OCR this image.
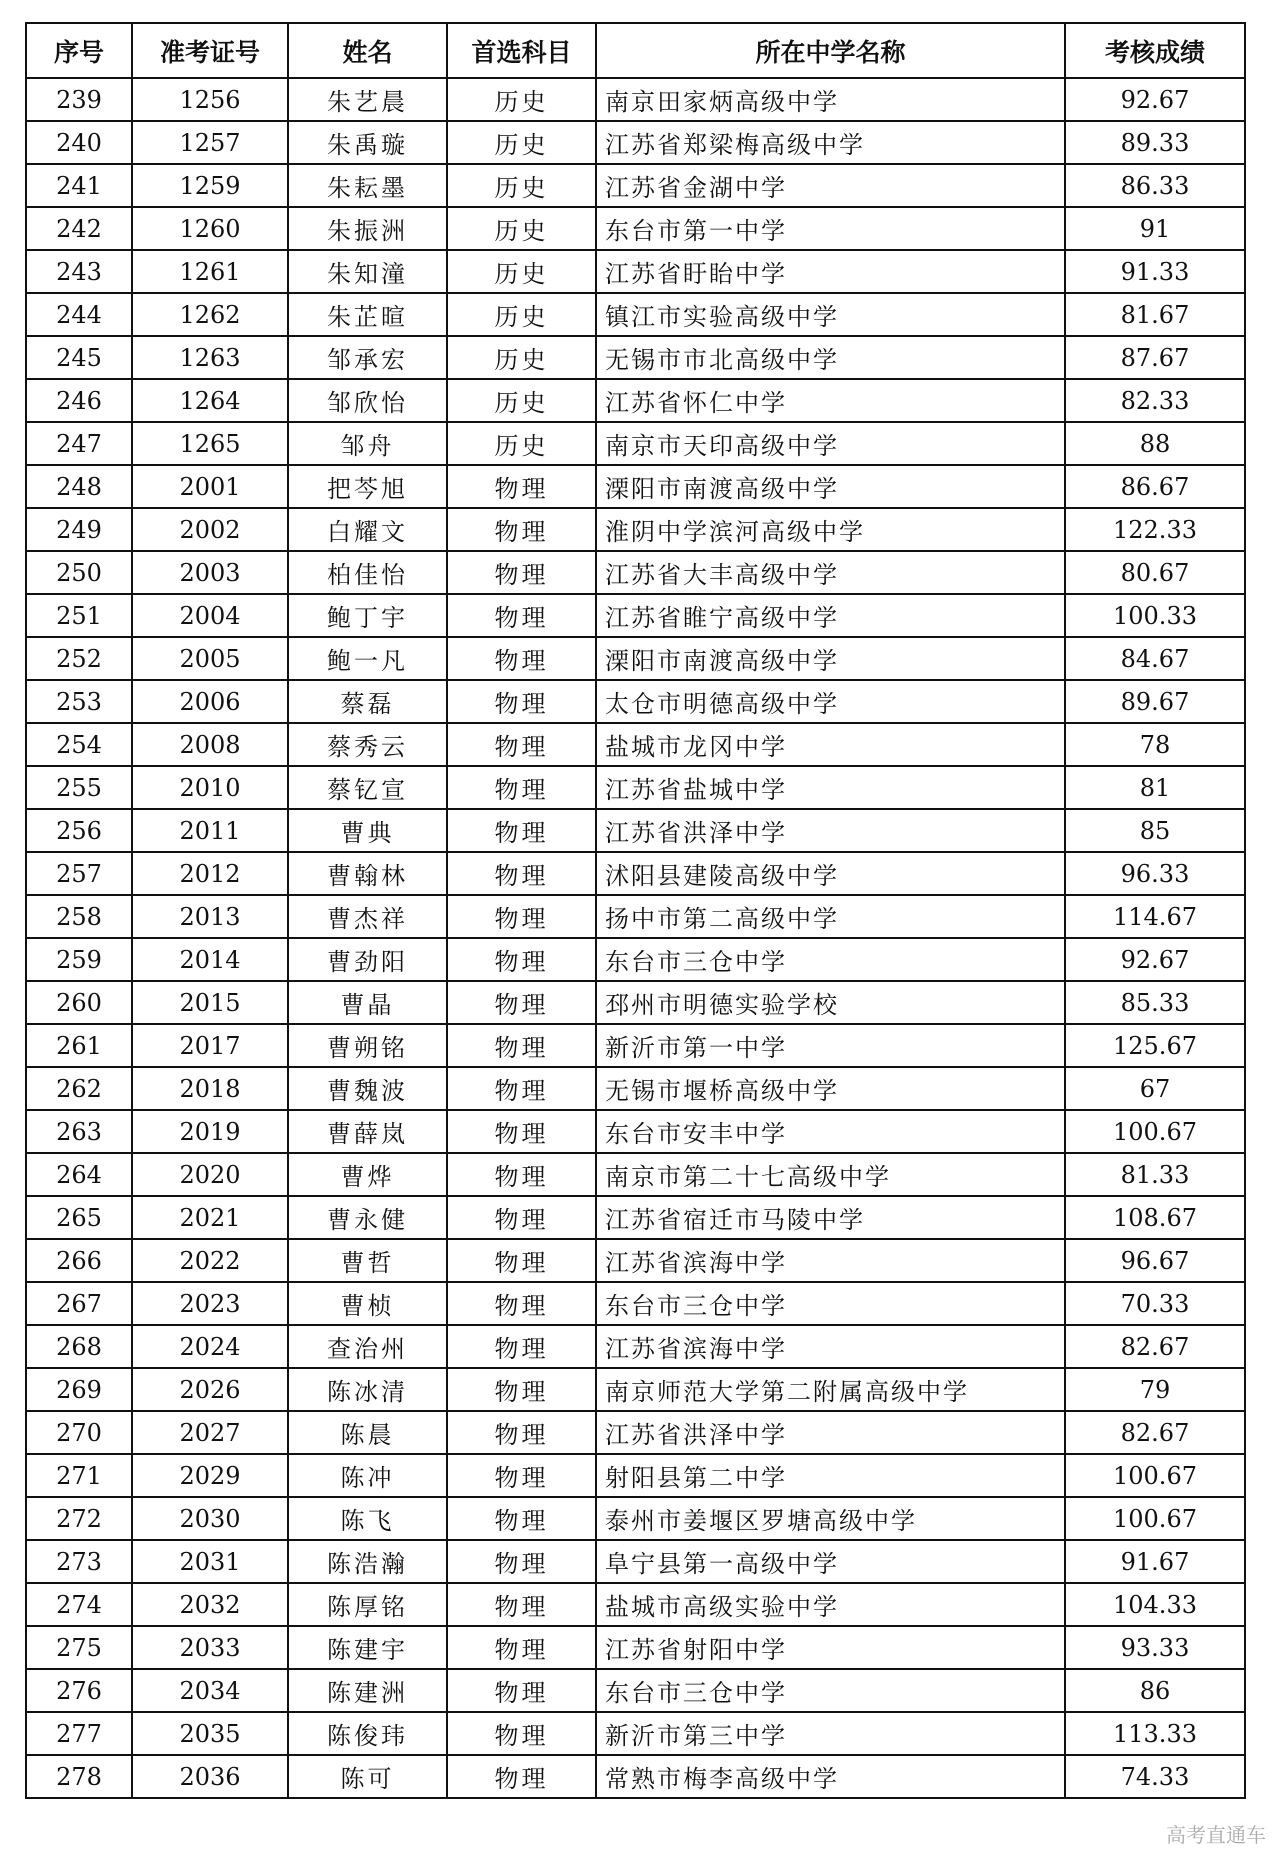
序号	准考证号	姓名	首选科目	所在中学名称	考核成绩
239	1256	朱艺晨	历史	南京田家炳高级中学	92.67
240	1257	朱禹璇	历史	江苏省郑梁梅高级中学	89.33
241	1259	朱耘墨	历史	江苏省金湖中学	86.33
242	1260	朱振洲	历史	东台市第一中学	91
243	1261	朱知潼	历史	江苏省盱眙中学	91.33
244	1262	朱芷暄	历史	镇江市实验高级中学	81.67
245	1263	邹承宏	历史	无锡市市北高级中学	87.67
246	1264	邹欣怡	历史	江苏省怀仁中学	82.33
247	1265	邹舟	历史	南京市天印高级中学	88
248	2001	把芩旭	物理	溧阳市南渡高级中学	86.67
249	2002	白耀文	物理	淮阴中学滨河高级中学	122.33
250	2003	柏佳怡	物理	江苏省大丰高级中学	80.67
251	2004	鲍丁宇	物理	江苏省睢宁高级中学	100.33
252	2005	鲍一凡	物理	溧阳市南渡高级中学	84.67
253	2006	蔡磊	物理	太仓市明德高级中学	89.67
254	2008	蔡秀云	物理	盐城市龙冈中学	78
255	2010	蔡钇宣	物理	江苏省盐城中学	81
256	2011	曹典	物理	江苏省洪泽中学	85
257	2012	曹翰林	物理	沭阳县建陵高级中学	96.33
258	2013	曹杰祥	物理	扬中市第二高级中学	114.67
259	2014	曹劲阳	物理	东台市三仓中学	92.67
260	2015	曹晶	物理	邳州市明德实验学校	85.33
261	2017	曹朔铭	物理	新沂市第一中学	125.67
262	2018	曹魏波	物理	无锡市堰桥高级中学	67
263	2019	曹薛岚	物理	东台市安丰中学	100.67
264	2020	曹烨	物理	南京市第二十七高级中学	81.33
265	2021	曹永健	物理	江苏省宿迁市马陵中学	108.67
266	2022	曹哲	物理	江苏省滨海中学	96.67
267	2023	曹桢	物理	东台市三仓中学	70.33
268	2024	查治州	物理	江苏省滨海中学	82.67
269	2026	陈冰清	物理	南京师范大学第二附属高级中学	79
270	2027	陈晨	物理	江苏省洪泽中学	82.67
271	2029	陈冲	物理	射阳县第二中学	100.67
272	2030	陈飞	物理	泰州市姜堰区罗塘高级中学	100.67
273	2031	陈浩瀚	物理	阜宁县第一高级中学	91.67
274	2032	陈厚铭	物理	盐城市高级实验中学	104.33
275	2033	陈建宇	物理	江苏省射阳中学	93.33
276	2034	陈建洲	物理	东台市三仓中学	86
277	2035	陈俊玮	物理	新沂市第三中学	113.33
278	2036	陈可	物理	常熟市梅李高级中学	74.33
高考直通车
